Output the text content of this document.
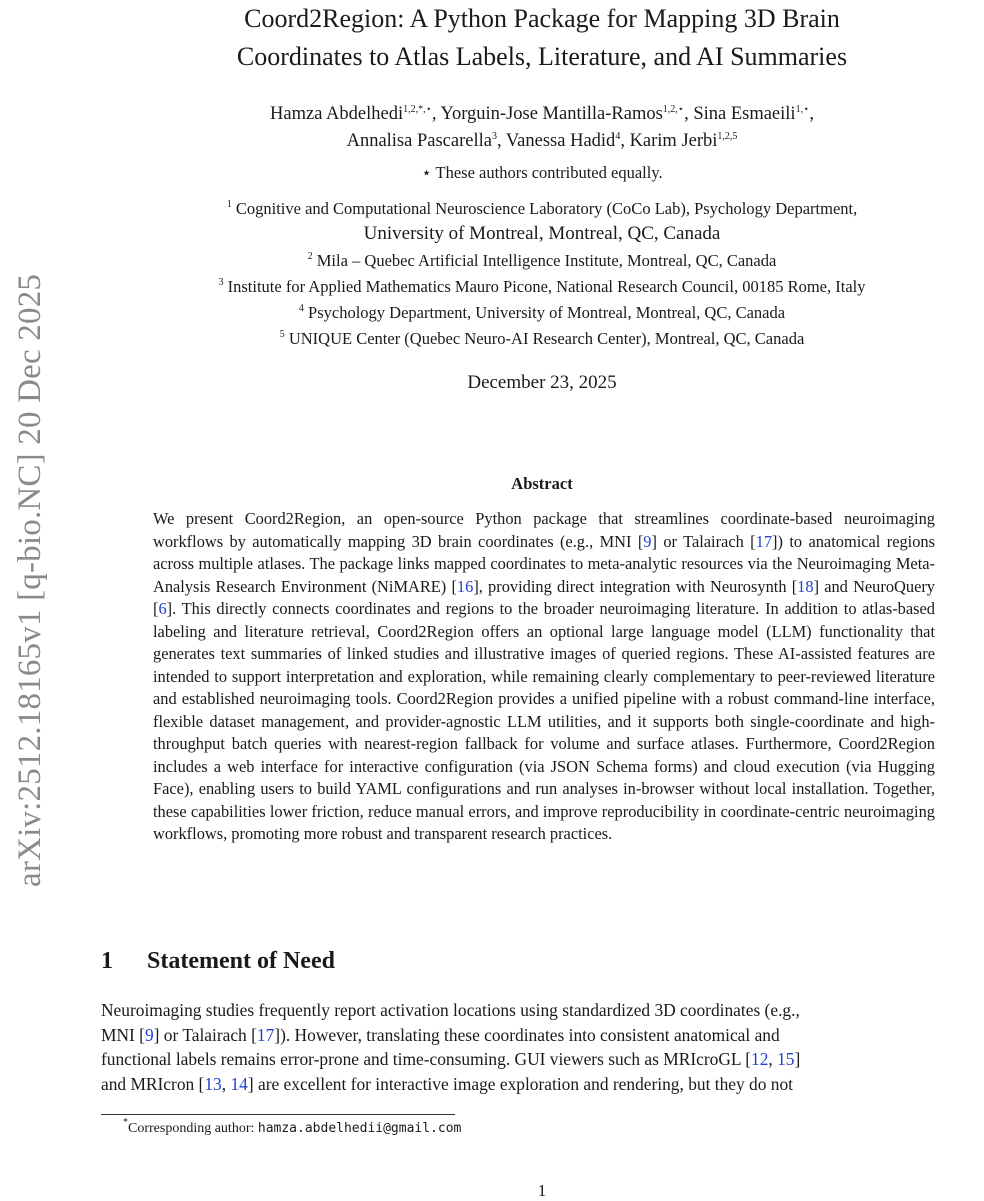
arXiv:2512.18165v1 [q-bio.NC] 20 Dec 2025
Coord2Region: A Python Package for Mapping 3D Brain
Coordinates to Atlas Labels, Literature, and AI Summaries
Hamza Abdelhedi$^{1,2,*,⋆}$, Yorguin-Jose Mantilla-Ramos$^{1,2,⋆}$, Sina Esmaeili$^{1,⋆}$,
Annalisa Pascarella$^3$, Vanessa Hadid$^4$, Karim Jerbi$^{1,2,5}$
⋆ These authors contributed equally.
$^1$ Cognitive and Computational Neuroscience Laboratory (CoCo Lab), Psychology Department,
University of Montreal, Montreal, QC, Canada
$^2$ Mila – Quebec Artificial Intelligence Institute, Montreal, QC, Canada
$^3$ Institute for Applied Mathematics Mauro Picone, National Research Council, 00185 Rome, Italy
$^4$ Psychology Department, University of Montreal, Montreal, QC, Canada
$^5$ UNIQUE Center (Quebec Neuro-AI Research Center), Montreal, QC, Canada
December 23, 2025
Abstract
We present Coord2Region, an open-source Python package that streamlines coordinate-based neuroimaging workflows by automatically mapping 3D brain coordinates (e.g., MNI [9] or Talairach [17]) to anatomical regions across multiple atlases. The package links mapped coordinates to meta-analytic resources via the Neuroimaging Meta-Analysis Research Environment (NiMARE) [16], providing direct integration with Neurosynth [18] and NeuroQuery [6]. This directly connects coordinates and regions to the broader neuroimaging literature. In addition to atlas-based labeling and literature retrieval, Coord2Region offers an optional large language model (LLM) functionality that generates text summaries of linked studies and illustrative images of queried regions. These AI-assisted features are intended to support interpretation and exploration, while remaining clearly complementary to peer-reviewed literature and established neuroimaging tools. Coord2Region provides a unified pipeline with a robust command-line interface, flexible dataset management, and provider-agnostic LLM utilities, and it supports both single-coordinate and high-throughput batch queries with nearest-region fallback for volume and surface atlases. Furthermore, Coord2Region includes a web interface for interactive configuration (via JSON Schema forms) and cloud execution (via Hugging Face), enabling users to build YAML configurations and run analyses in-browser without local installation. Together, these capabilities lower friction, reduce manual errors, and improve reproducibility in coordinate-centric neuroimaging workflows, promoting more robust and transparent research practices.
1 Statement of Need
Neuroimaging studies frequently report activation locations using standardized 3D coordinates (e.g.,
MNI [9] or Talairach [17]). However, translating these coordinates into consistent anatomical and
functional labels remains error-prone and time-consuming. GUI viewers such as MRIcroGL [12, 15]
and MRIcron [13, 14] are excellent for interactive image exploration and rendering, but they do not
*Corresponding author: hamza.abdelhedii@gmail.com
1
